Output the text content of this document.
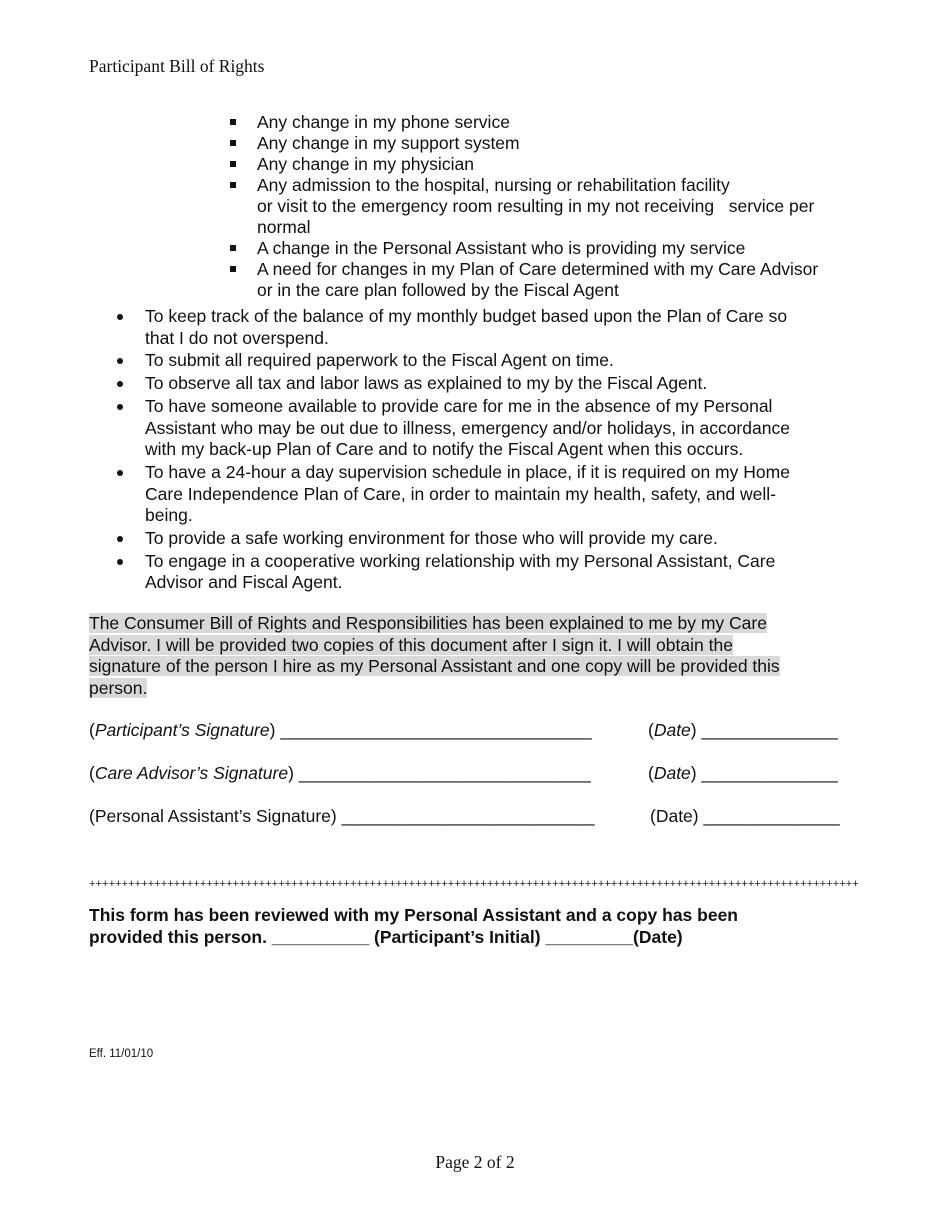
Participant Bill of Rights
Any change in my phone service
Any change in my support system
Any change in my physician
Any admission to the hospital, nursing or rehabilitation facility
or visit to the emergency room resulting in my not receiving   service per
normal
A change in the Personal Assistant who is providing my service
A need for changes in my Plan of Care determined with my Care Advisor
or in the care plan followed by the Fiscal Agent
To keep track of the balance of my monthly budget based upon the Plan of Care so
that I do not overspend.
To submit all required paperwork to the Fiscal Agent on time.
To observe all tax and labor laws as explained to my by the Fiscal Agent.
To have someone available to provide care for me in the absence of my Personal
Assistant who may be out due to illness, emergency and/or holidays, in accordance
with my back-up Plan of Care and to notify the Fiscal Agent when this occurs.
To have a 24-hour a day supervision schedule in place, if it is required on my Home
Care Independence Plan of Care, in order to maintain my health, safety, and well-
being.
To provide a safe working environment for those who will provide my care.
To engage in a cooperative working relationship with my Personal Assistant, Care
Advisor and Fiscal Agent.

The Consumer Bill of Rights and Responsibilities has been explained to me by my Care
Advisor. I will be provided two copies of this document after I sign it. I will obtain the
signature of the person I hire as my Personal Assistant and one copy will be provided this
person.

(Participant’s Signature) ________________________________	(Date) ______________
(Care Advisor’s Signature) ______________________________	(Date) ______________
(Personal Assistant’s Signature) __________________________	(Date) ______________
++++++++++++++++++++++++++++++++++++++++++++++++++++++++++++++++++++++++++++++++++++++++++++++++++++++++++++++++++++++

This form has been reviewed with my Personal Assistant and a copy has been
provided this person. __________ (Participant’s Initial) _________(Date)

Eff. 11/01/10
Page 2 of 2
